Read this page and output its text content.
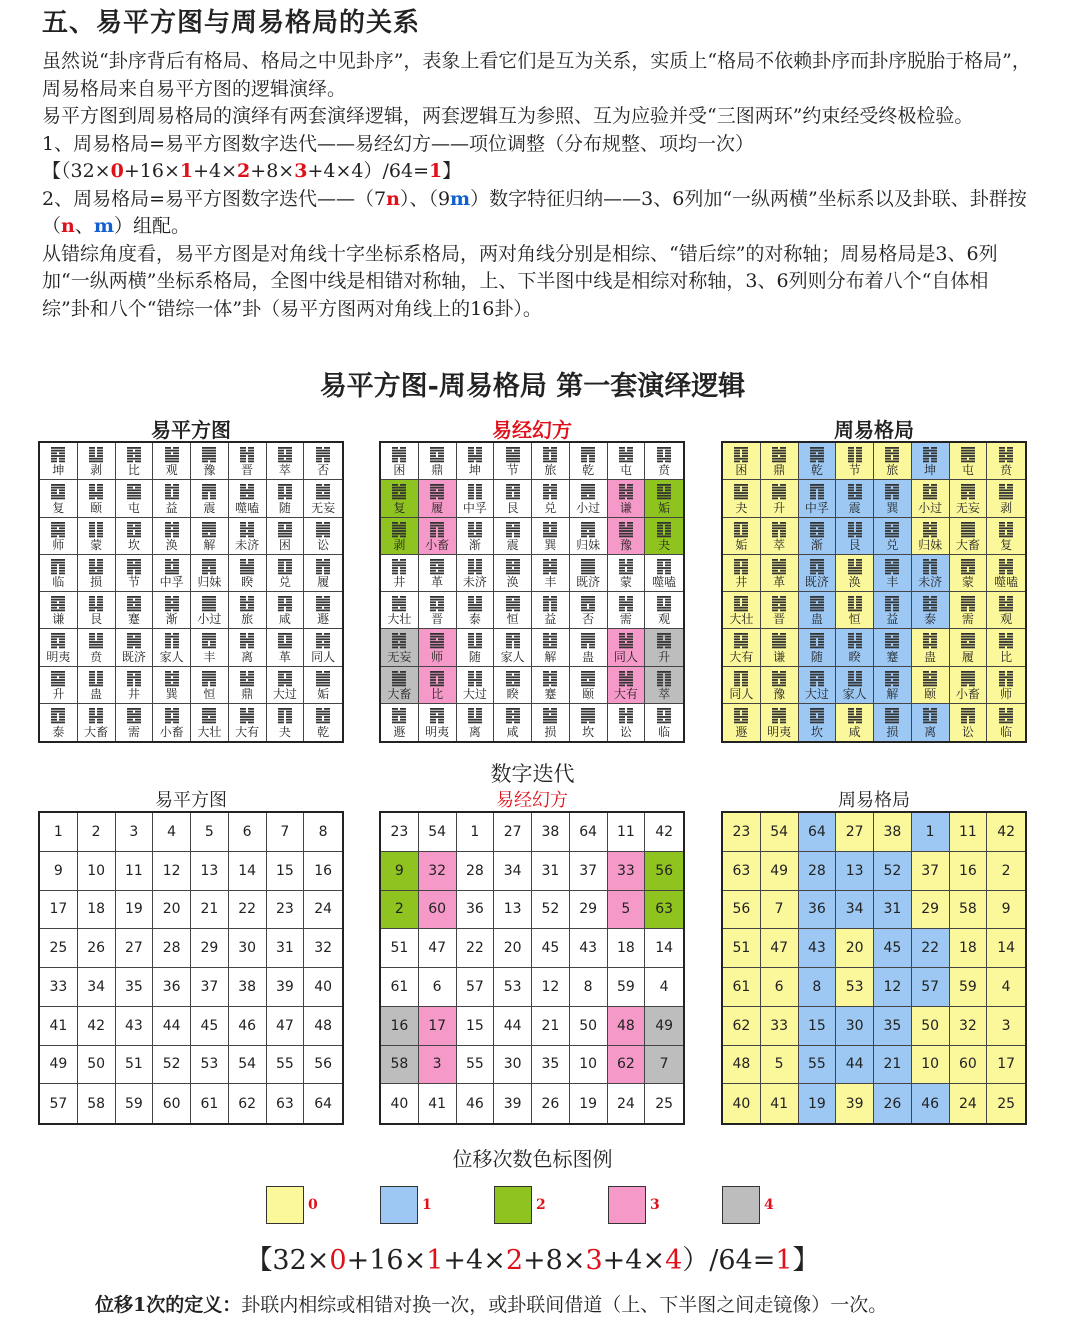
五、易平方图与周易格局的关系

虽然说“卦序背后有格局、格局之中见卦序”，表象上看它们是互为关系，实质上“格局不依赖卦序而卦序脱胎于格局”，周易格局来自易平方图的逻辑演绎。

易平方图到周易格局的演绎有两套演绎逻辑，两套逻辑互为参照、互为应验并受“三图两环”约束经受终极检验。

1、周易格局=易平方图数字迭代——易经幻方——项位调整（分布规整、项均一次）

【（32×0+16×1+4×2+8×3+4×4）/64=1】

2、周易格局=易平方图数字迭代——（7n）、（9m）数字特征归纳——3、6列加“一纵两横”坐标系以及卦联、卦群按（n、m）组配。

从错综角度看，易平方图是对角线十字坐标系格局，两对角线分别是相综、“错后综”的对称轴；周易格局是3、6列加“一纵两横”坐标系格局，全图中线是相错对称轴，上、下半图中线是相综对称轴，3、6列则分布着八个“自体相综”卦和八个“错综一体”卦（易平方图两对角线上的16卦）。

易平方图-周易格局 第一套演绎逻辑
易平方图	易经幻方	周易格局
坤	剥	比	观	豫	晋	萃	否
复	颐	屯	益	震	噬嗑	随	无妄
师	蒙	坎	涣	解	未济	困	讼
临	损	节	中孚	归妹	睽	兑	履
谦	艮	蹇	渐	小过	旅	咸	遯
明夷	贲	既济	家人	丰	离	革	同人
升	蛊	井	巽	恒	鼎	大过	姤
泰	大畜	需	小畜	大壮	大有	夬	乾
困	鼎	坤	节	旅	乾	屯	贲
复	履	中孚	艮	兑	小过	谦	姤
剥	小畜	渐	震	巽	归妹	豫	夬
井	革	未济	涣	丰	既济	蒙	噬嗑
大壮	晋	泰	恒	益	否	需	观
无妄	师	随	家人	解	蛊	同人	升
大畜	比	大过	睽	蹇	颐	大有	萃
遯	明夷	离	咸	损	坎	讼	临
困	鼎	乾	节	旅	坤	屯	贲
夬	升	中孚	震	巽	小过	无妄	剥
姤	萃	渐	艮	兑	归妹	大畜	复
井	革	既济	涣	丰	未济	蒙	噬嗑
大壮	晋	蛊	恒	益	泰	需	观
大有	谦	随	睽	蹇	蛊	履	比
同人	豫	大过	家人	解	颐	小畜	师
遯	明夷	坎	咸	损	离	讼	临
数字迭代
易平方图	易经幻方	周易格局
1	2	3	4	5	6	7	8
9	10	11	12	13	14	15	16
17	18	19	20	21	22	23	24
25	26	27	28	29	30	31	32
33	34	35	36	37	38	39	40
41	42	43	44	45	46	47	48
49	50	51	52	53	54	55	56
57	58	59	60	61	62	63	64
23	54	1	27	38	64	11	42
9	32	28	34	31	37	33	56
2	60	36	13	52	29	5	63
51	47	22	20	45	43	18	14
61	6	57	53	12	8	59	4
16	17	15	44	21	50	48	49
58	3	55	30	35	10	62	7
40	41	46	39	26	19	24	25
23	54	64	27	38	1	11	42
63	49	28	13	52	37	16	2
56	7	36	34	31	29	58	9
51	47	43	20	45	22	18	14
61	6	8	53	12	57	59	4
62	33	15	30	35	50	32	3
48	5	55	44	21	10	60	17
40	41	19	39	26	46	24	25
位移次数色标图例
0	1	2	3	4
【32×0+16×1+4×2+8×3+4×4）/64=1】
位移1次的定义：卦联内相综或相错对换一次，或卦联间借道（上、下半图之间走镜像）一次。
